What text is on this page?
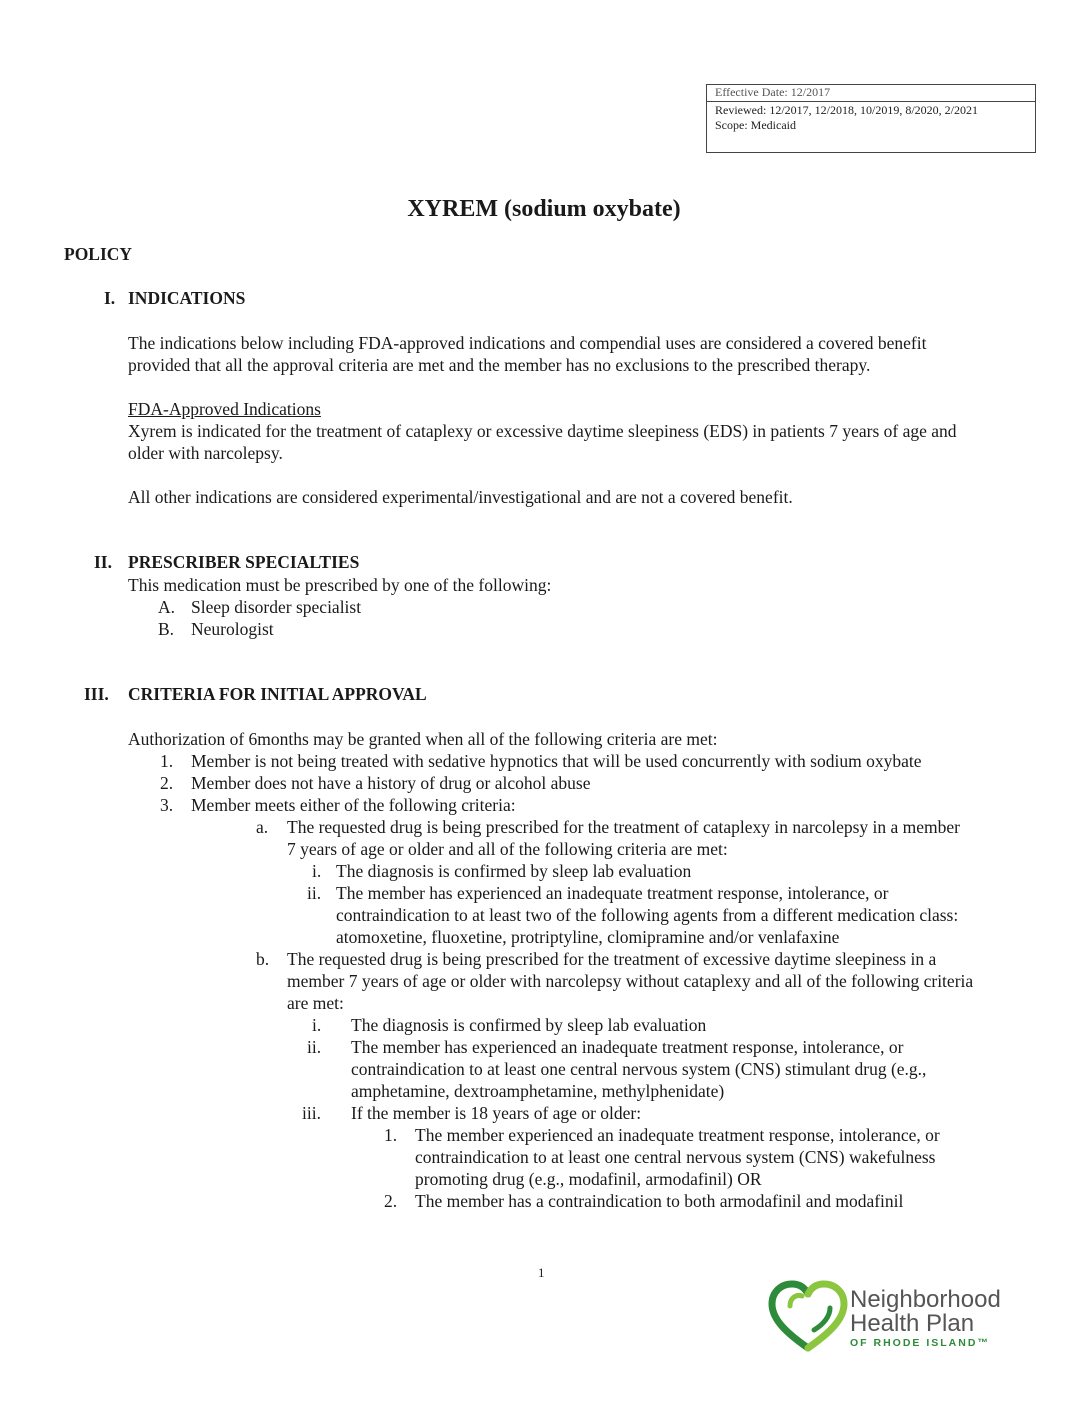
Effective Date: 12/2017
Reviewed: 12/2017, 12/2018, 10/2019, 8/2020, 2/2021
Scope: Medicaid
XYREM (sodium oxybate)
POLICY
I. INDICATIONS
The indications below including FDA-approved indications and compendial uses are considered a covered benefit
provided that all the approval criteria are met and the member has no exclusions to the prescribed therapy.
FDA-Approved Indications
Xyrem is indicated for the treatment of cataplexy or excessive daytime sleepiness (EDS) in patients 7 years of age and
older with narcolepsy.
All other indications are considered experimental/investigational and are not a covered benefit.
II. PRESCRIBER SPECIALTIES
This medication must be prescribed by one of the following:
A. Sleep disorder specialist
B. Neurologist
III. CRITERIA FOR INITIAL APPROVAL
Authorization of 6months may be granted when all of the following criteria are met:
1. Member is not being treated with sedative hypnotics that will be used concurrently with sodium oxybate
2. Member does not have a history of drug or alcohol abuse
3. Member meets either of the following criteria:
a. The requested drug is being prescribed for the treatment of cataplexy in narcolepsy in a member
7 years of age or older and all of the following criteria are met:
i. The diagnosis is confirmed by sleep lab evaluation
ii. The member has experienced an inadequate treatment response, intolerance, or
contraindication to at least two of the following agents from a different medication class:
atomoxetine, fluoxetine, protriptyline, clomipramine and/or venlafaxine
b. The requested drug is being prescribed for the treatment of excessive daytime sleepiness in a
member 7 years of age or older with narcolepsy without cataplexy and all of the following criteria
are met:
i. The diagnosis is confirmed by sleep lab evaluation
ii. The member has experienced an inadequate treatment response, intolerance, or
contraindication to at least one central nervous system (CNS) stimulant drug (e.g.,
amphetamine, dextroamphetamine, methylphenidate)
iii. If the member is 18 years of age or older:
1. The member experienced an inadequate treatment response, intolerance, or
contraindication to at least one central nervous system (CNS) wakefulness
promoting drug (e.g., modafinil, armodafinil) OR
2. The member has a contraindication to both armodafinil and modafinil
1
Neighborhood
Health Plan
OF RHODE ISLAND™
